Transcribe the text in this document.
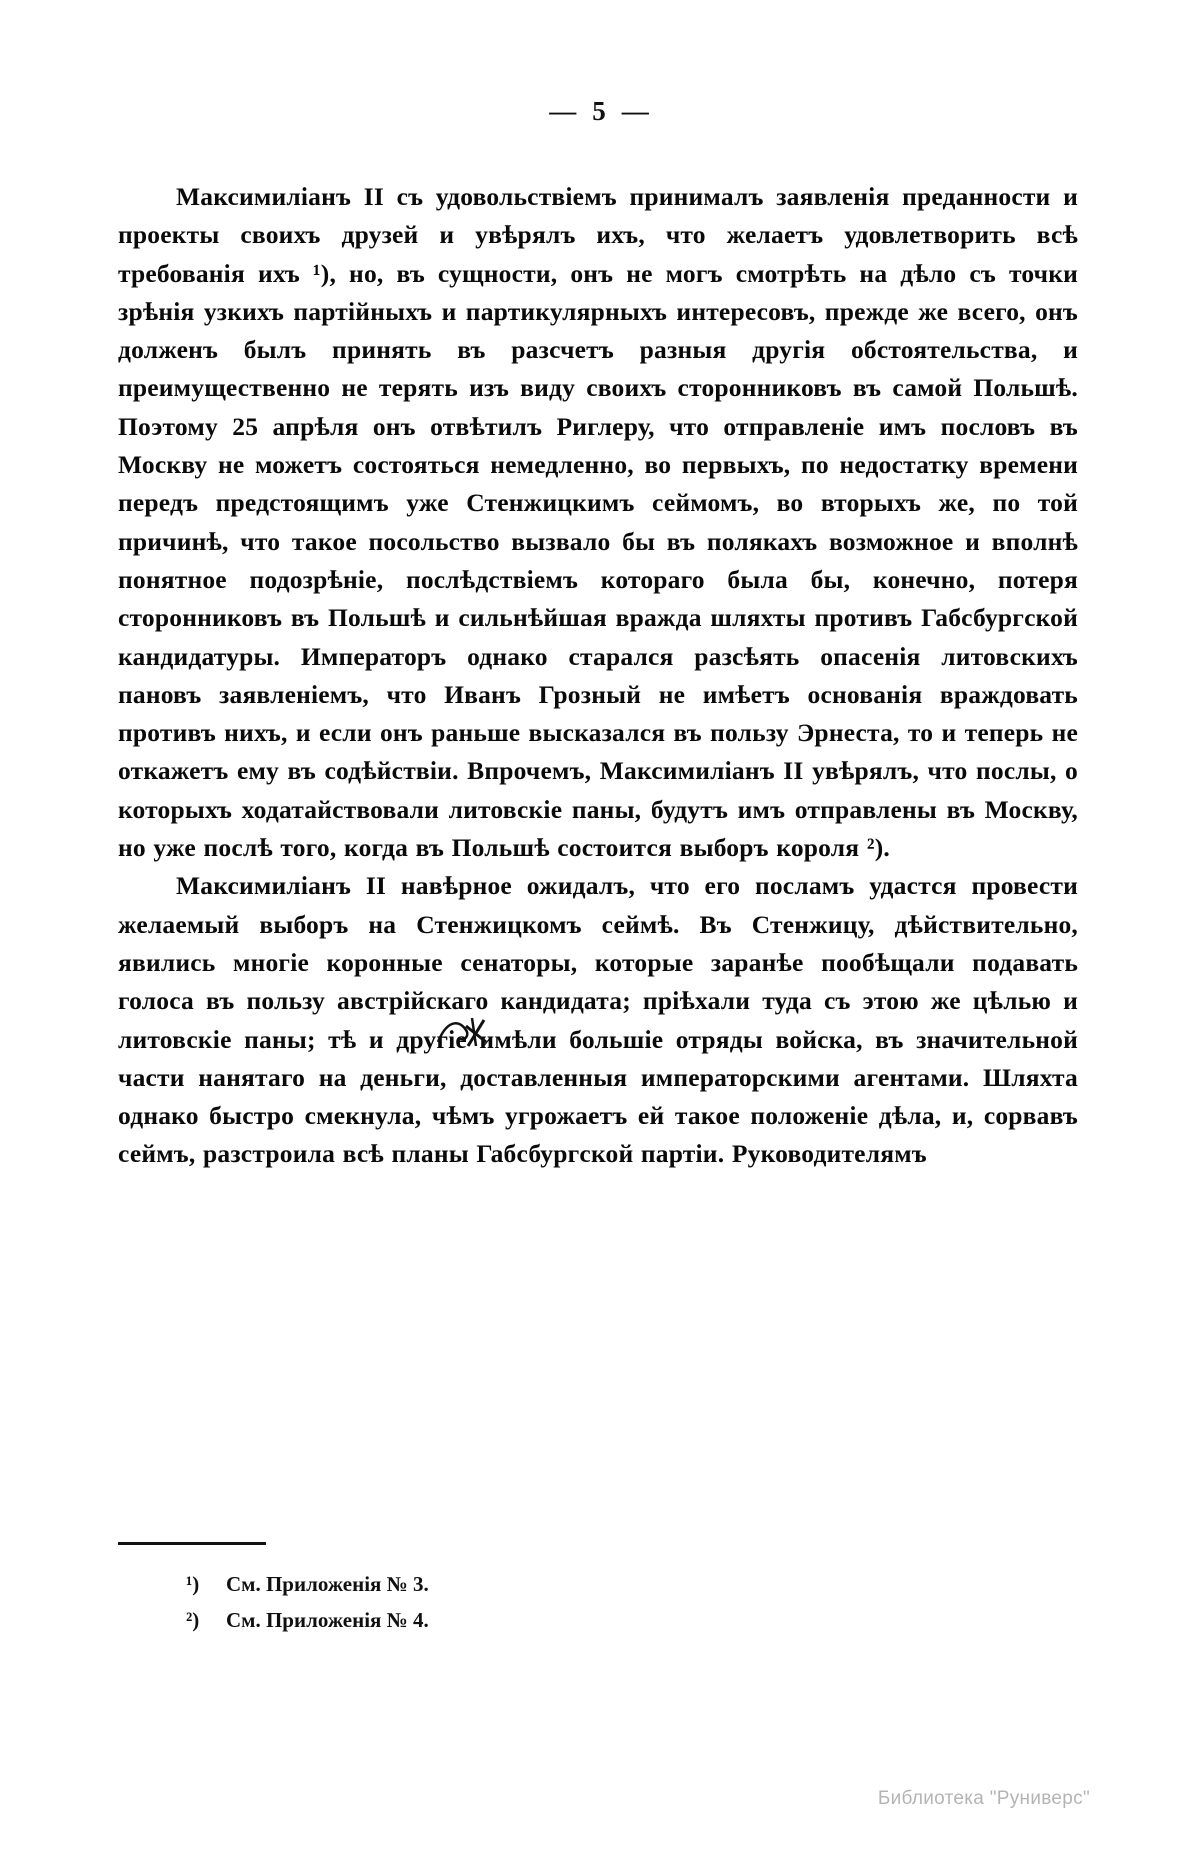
— 5 —

Максимиліанъ II съ удовольствіемъ принималъ заявленія преданности и проекты своихъ друзей и увѣрялъ ихъ, что желаетъ удовлетворить всѣ требованія ихъ ¹), но, въ сущности, онъ не могъ смотрѣть на дѣло съ точки зрѣнія узкихъ партійныхъ и партикулярныхъ интересовъ, прежде же всего, онъ долженъ былъ принять въ разсчетъ разныя другія обстоятельства, и преимущественно не терять изъ виду своихъ сторонниковъ въ самой Польшѣ. Поэтому 25 апрѣля онъ отвѣтилъ Риглеру, что отправленіе имъ пословъ въ Москву не можетъ состояться немедленно, во первыхъ, по недостатку времени передъ предстоящимъ уже Стенжицкимъ сеймомъ, во вторыхъ же, по той причинѣ, что такое посольство вызвало бы въ полякахъ возможное и вполнѣ понятное подозрѣніе, послѣдствіемъ котораго была бы, конечно, потеря сторонниковъ въ Польшѣ и сильнѣйшая вражда шляхты противъ Габсбургской кандидатуры. Императоръ однако старался разсѣять опасенія литовскихъ пановъ заявленіемъ, что Иванъ Грозный не имѣетъ основанія враждовать противъ нихъ, и если онъ раньше высказался въ пользу Эрнеста, то и теперь не откажетъ ему въ содѣйствіи. Впрочемъ, Максимиліанъ II увѣрялъ, что послы, о которыхъ ходатайствовали литовскіе паны, будутъ имъ отправлены въ Москву, но уже послѣ того, когда въ Польшѣ состоится выборъ короля ²).

Максимиліанъ II навѣрное ожидалъ, что его посламъ удастся провести желаемый выборъ на Стенжицкомъ сеймѣ. Въ Стенжицу, дѣйствительно, явились многіе коронные сенаторы, которые заранѣе пообѣщали подавать голоса въ пользу австрійскаго кандидата; пріѣхали туда съ этою же цѣлью и литовскіе паны; тѣ и другіе имѣли большіе отряды войска, въ значительной части нанятаго на деньги, доставленныя императорскими агентами. Шляхта однако быстро смекнула, чѣмъ угрожаетъ ей такое положеніе дѣла, и, сорвавъ сеймъ, разстроила всѣ планы Габсбургской партіи. Руководителямъ

¹) См. Приложенія № 3.
²) См. Приложенія № 4.
Библиотека "Руниверс"
